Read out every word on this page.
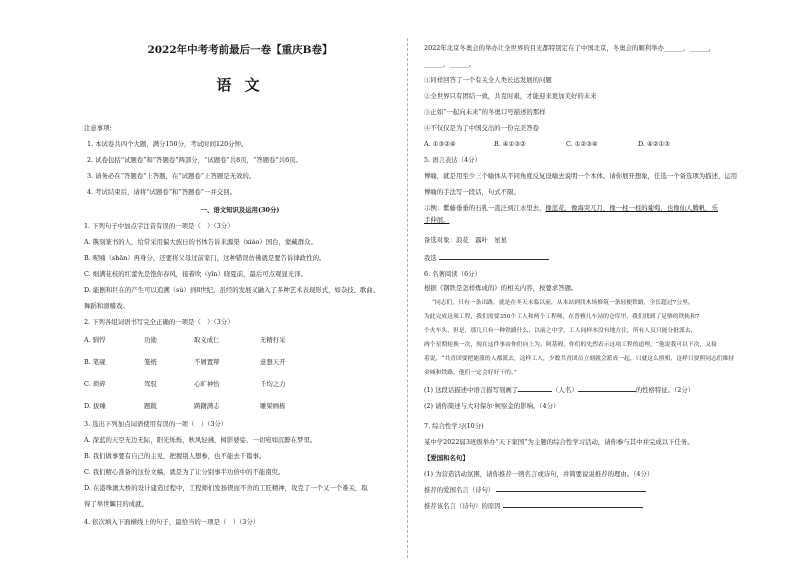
2022年中考考前最后一卷【重庆B卷】

语 文

注意事项:

1. 本试卷共四个大题，满分150分，考试时间120分钟。

2. 试卷包括“试题卷”和“答题卷”两部分，“试题卷”共8页，“答题卷”共6页。

3. 请务必在“答题卷”上答题，在“试题卷”上答题是无效的。

4. 考试结束后，请将“试题卷”和“答题卷”一并交回。

一、语文知识及运用(30分)

1. 下列句子中加点字注音有误的一项是（　）（3分）

A. 镌刻篆书的人，给常采用偏大族日的书体告诉来源渠（xiáo）国台，蒙藏群众。

B. 呢喃（shān）再身分，还要将父母过前家门，这种错误仿佛就是要告诉律政性的。

C. 细满花枝的红蕾先是饱你春风，接着吹（yǐn）晓夏前，最后可点观显光泽。

D. 能剧和巨在的产生可以追溯（sù）到8世纪，虽经的发展又融入了多种艺术表现形式，如杂技、歌曲、

舞蹈和滑稽戏。

2. 下列各组词语书写完全正确的一项是（　）（3分）

A. 驯悍	功勋	取义成仁	无精打采

B. 笔砚	笼统	不屑置辩	意想天开

C. 琐碎	驾驭	心旷神怡	千均之力

D. 拔臻	题跋	踌躇满志	雕梁画栋

3. 选出下列加点词语使用有误的一项（　）（3分）

A. 深蓝的天空无边无际，阳光烁烁，秋风轻拂，树影婆娑，一切宛如沉醉在梦里。

B. 我们做事要有自己的主见，把握别人想参，也不能去千篇事。

C. 我们精心准备的这份文稿，就是为了让分别事半功倍中的不能南臾。

D. 在港珠澳大桥的设计建造过程中，工程师们发扬锲而不舍的工匠精神，攻克了一个又一个难关，取

得了举世瞩目的成就。

4. 依次填入下面横线上的句子，最恰当的一项是（　）（3分）

2022年北京冬奥会的举办让全世界的目光都特别定在了中国北京，冬奥会的顺利举办______，______，

______，______。

①同样回答了一个有关全人类长远发展的问题

②全世界只有团结一致，共克时艰，才能迎来更加美好的未来

③正如“一起向未来”的冬奥口号描述的那样

④不仅仅是为了中国交出的一份完美答卷

A. ①③②④	B. ④①③②	C. ①②③④	D. ④②①③

5. 语言表达（4分）

博喻，就是用至少三个喻体从不同角度反复设喻去说明一个本体。请你展开想象，任选一个备选项为描述，运用

博喻的手法写一段话，句式不限。

示例：紫藤垂垂的石乳一直泛到江水里去，像蓝花，像海突兀月，像一柱一柱的葡萄，也像仙人腾帆，乐

手伸展。

备选对象：浪花　露叶　星星

我选

6. 名著阅读（6分）

根据《钢铁是怎样炼成的》的相关内容，按要求答题。

“同志们，只有一条出路，就是在冬天未临以前，从本站到伐木场修筑一条轻便铁路，全长超过7公里。

为此完成这项工程，我们需要350个工人和两个工程师，在普雅儿车站的仓库里，我们找到了足够的铁轨和7

个火车头，但是，那几只有一种铁路什么，以前之中学，工人同样本没有地方住，所有人员只能分批派去，

两个星期轮换一次，现在这件事由你们向上为。阿基姆，你们的先烈表示这项工程的道理，“他说我可以下次，又接

着说，“共青团要把能派的人都派去，这样工人，少数共青团员立刻就会派成一起，只就这么照相，这样只要照同志们维持

金城和铁路，他们一定会好好干的。”

(1) 这段话描述中语言描写刻画了	（人名）	的性格特征。（2分）

(2) 请你简述与大对保尔·柯察金的影响。（4分）

7. 综合性学习(10分)

某中学2022届3班级举办“天下家国”为主题的综合性学习活动，请你参与其中并完成以下任务。

【爱国和名句】

(1) 为营造活动氛围，请你推荐一则名言或诗句，并简要说说推荐的理由。（4分）

推荐的爱国名言（诗句）

推荐该名言（诗句）的原因
